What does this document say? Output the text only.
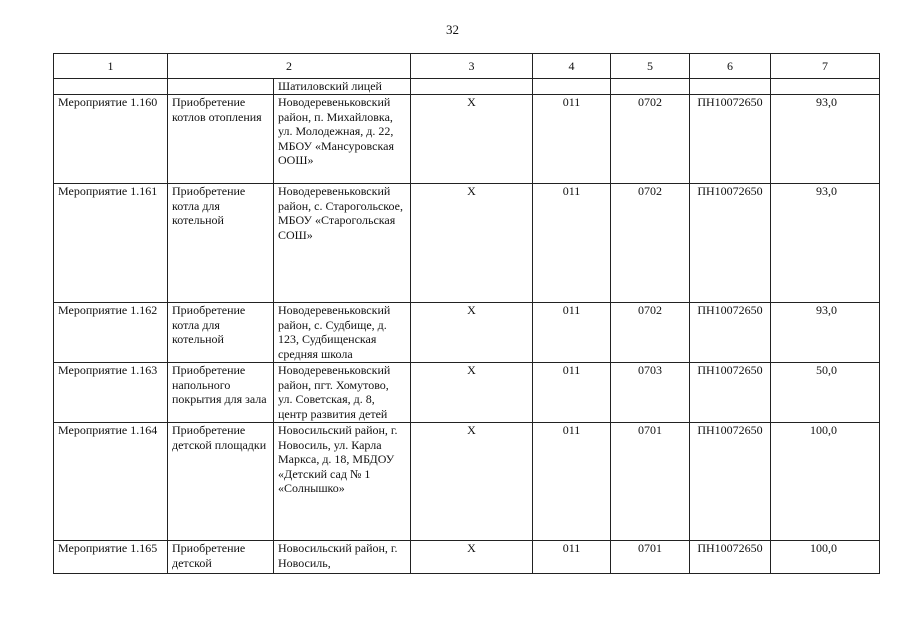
32
1	2		3	4	5	6	7
		Шатиловский лицей					
Мероприятие 1.160	Приобретение котлов отопления	Новодеревеньковский район, п. Михайловка, ул. Молодежная, д. 22, МБОУ «Мансуровская ООШ»	X	011	0702	ПН10072650	93,0
Мероприятие 1.161	Приобретение котла для котельной	Новодеревеньковский район, с. Старогольское, МБОУ «Старогольская СОШ»	X	011	0702	ПН10072650	93,0
Мероприятие 1.162	Приобретение котла для котельной	Новодеревеньковский район, с. Судбище, д. 123, Судбищенская средняя школа	X	011	0702	ПН10072650	93,0
Мероприятие 1.163	Приобретение напольного покрытия для зала	Новодеревеньковский район, пгт. Хомутово, ул. Советская, д. 8, центр развития детей	X	011	0703	ПН10072650	50,0
Мероприятие 1.164	Приобретение детской площадки	Новосильский район, г. Новосиль, ул. Карла Маркса, д. 18, МБДОУ «Детский сад № 1 «Солнышко»	X	011	0701	ПН10072650	100,0
Мероприятие 1.165	Приобретение детской	Новосильский район, г. Новосиль,	X	011	0701	ПН10072650	100,0
